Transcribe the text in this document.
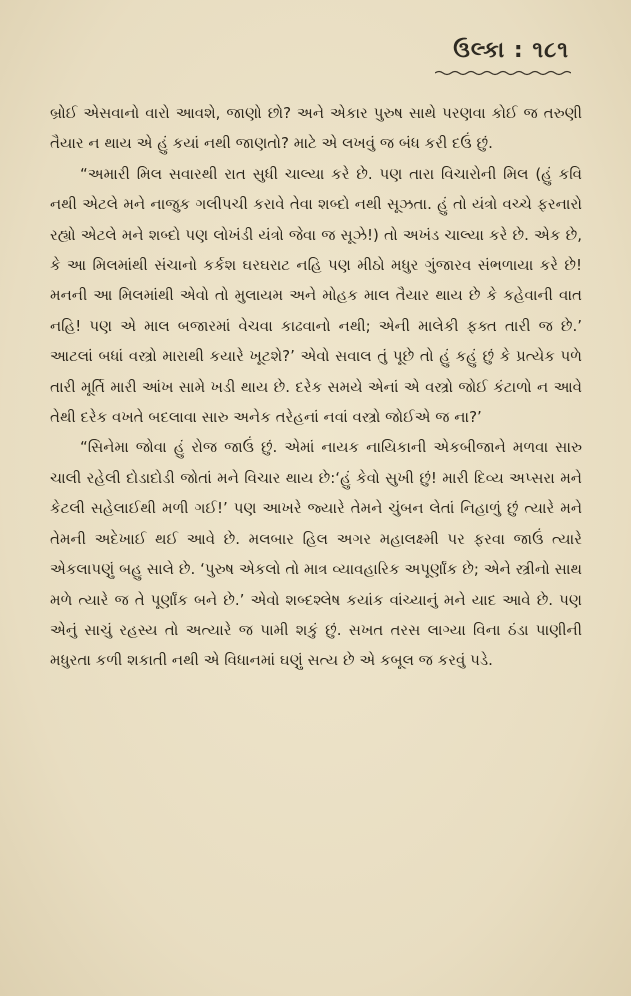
ઉલ્કા : ૧૮૧

બ્રોઈ એસવાનો વારો આવશે, જાણો છો? અને એકાર પુરુષ સાથે પરણવા કોઈ જ તરુણી તૈયાર ન થાય એ હું કયાં નથી જાણતો? માટે એ લખવું જ બંધ કરી દઉં છું.

“અમારી મિલ સવારથી રાત સુધી ચાલ્યા કરે છે. પણ તારા વિચારોની મિલ (હું કવિ નથી એટલે મને નાજુક ગલીપચી કરાવે તેવા શબ્દો નથી સૂઝતા. હું તો યંત્રો વચ્ચે ફરનારો રહ્યો એટલે મને શબ્દો પણ લોખંડી યંત્રો જેવા જ સૂઝે!) તો અખંડ ચાલ્યા કરે છે. એક છે, કે આ મિલમાંથી સંચાનો કર્કશ ઘરઘરાટ નહિ પણ મીઠો મધુર ગુંજારવ સંભળાયા કરે છે! મનની આ મિલમાંથી એવો તો મુલાયમ અને મોહક માલ તૈયાર થાય છે કે કહેવાની વાત નહિ! પણ એ માલ બજારમાં વેચવા કાઢવાનો નથી; એની માલેકી ફક્ત તારી જ છે.’ આટલાં બધાં વસ્ત્રો મારાથી કયારે ખૂટશે?’ એવો સવાલ તું પૂછે તો હું કહું છું કે પ્રત્યેક પળે તારી મૂર્તિ મારી આંખ સામે ખડી થાય છે. દરેક સમયે એનાં એ વસ્ત્રો જોઈ કંટાળો ન આવે તેથી દરેક વખતે બદલાવા સારુ અનેક તરેહનાં નવાં વસ્ત્રો જોઈએ જ ના?’

“સિનેમા જોવા હું રોજ જાઉં છું. એમાં નાયક નાયિકાની એકબીજાને મળવા સારુ ચાલી રહેલી દોડાદોડી જોતાં મને વિચાર થાય છે:‘હું કેવો સુખી છું! મારી દિવ્ય અપ્સરા મને કેટલી સહેલાઈથી મળી ગઈ!’ પણ આખરે જ્યારે તેમને ચુંબન લેતાં નિહાળું છું ત્યારે મને તેમની અદેખાઈ થઈ આવે છે. મલબાર હિલ અગર મહાલક્ષ્મી પર ફરવા જાઉં ત્યારે એકલાપણું બહુ સાલે છે. ‘પુરુષ એકલો તો માત્ર વ્યાવહારિક અપૂર્ણાંક છે; એને સ્ત્રીનો સાથ મળે ત્યારે જ તે પૂર્ણાંક બને છે.’ એવો શબ્દશ્લેષ કયાંક વાંચ્યાનું મને યાદ આવે છે. પણ એનું સાચું રહસ્ય તો અત્યારે જ પામી શકું છું. સખત તરસ લાગ્યા વિના ઠંડા પાણીની મધુરતા કળી શકાતી નથી એ વિધાનમાં ઘણું સત્ય છે એ કબૂલ જ કરવું પડે.
